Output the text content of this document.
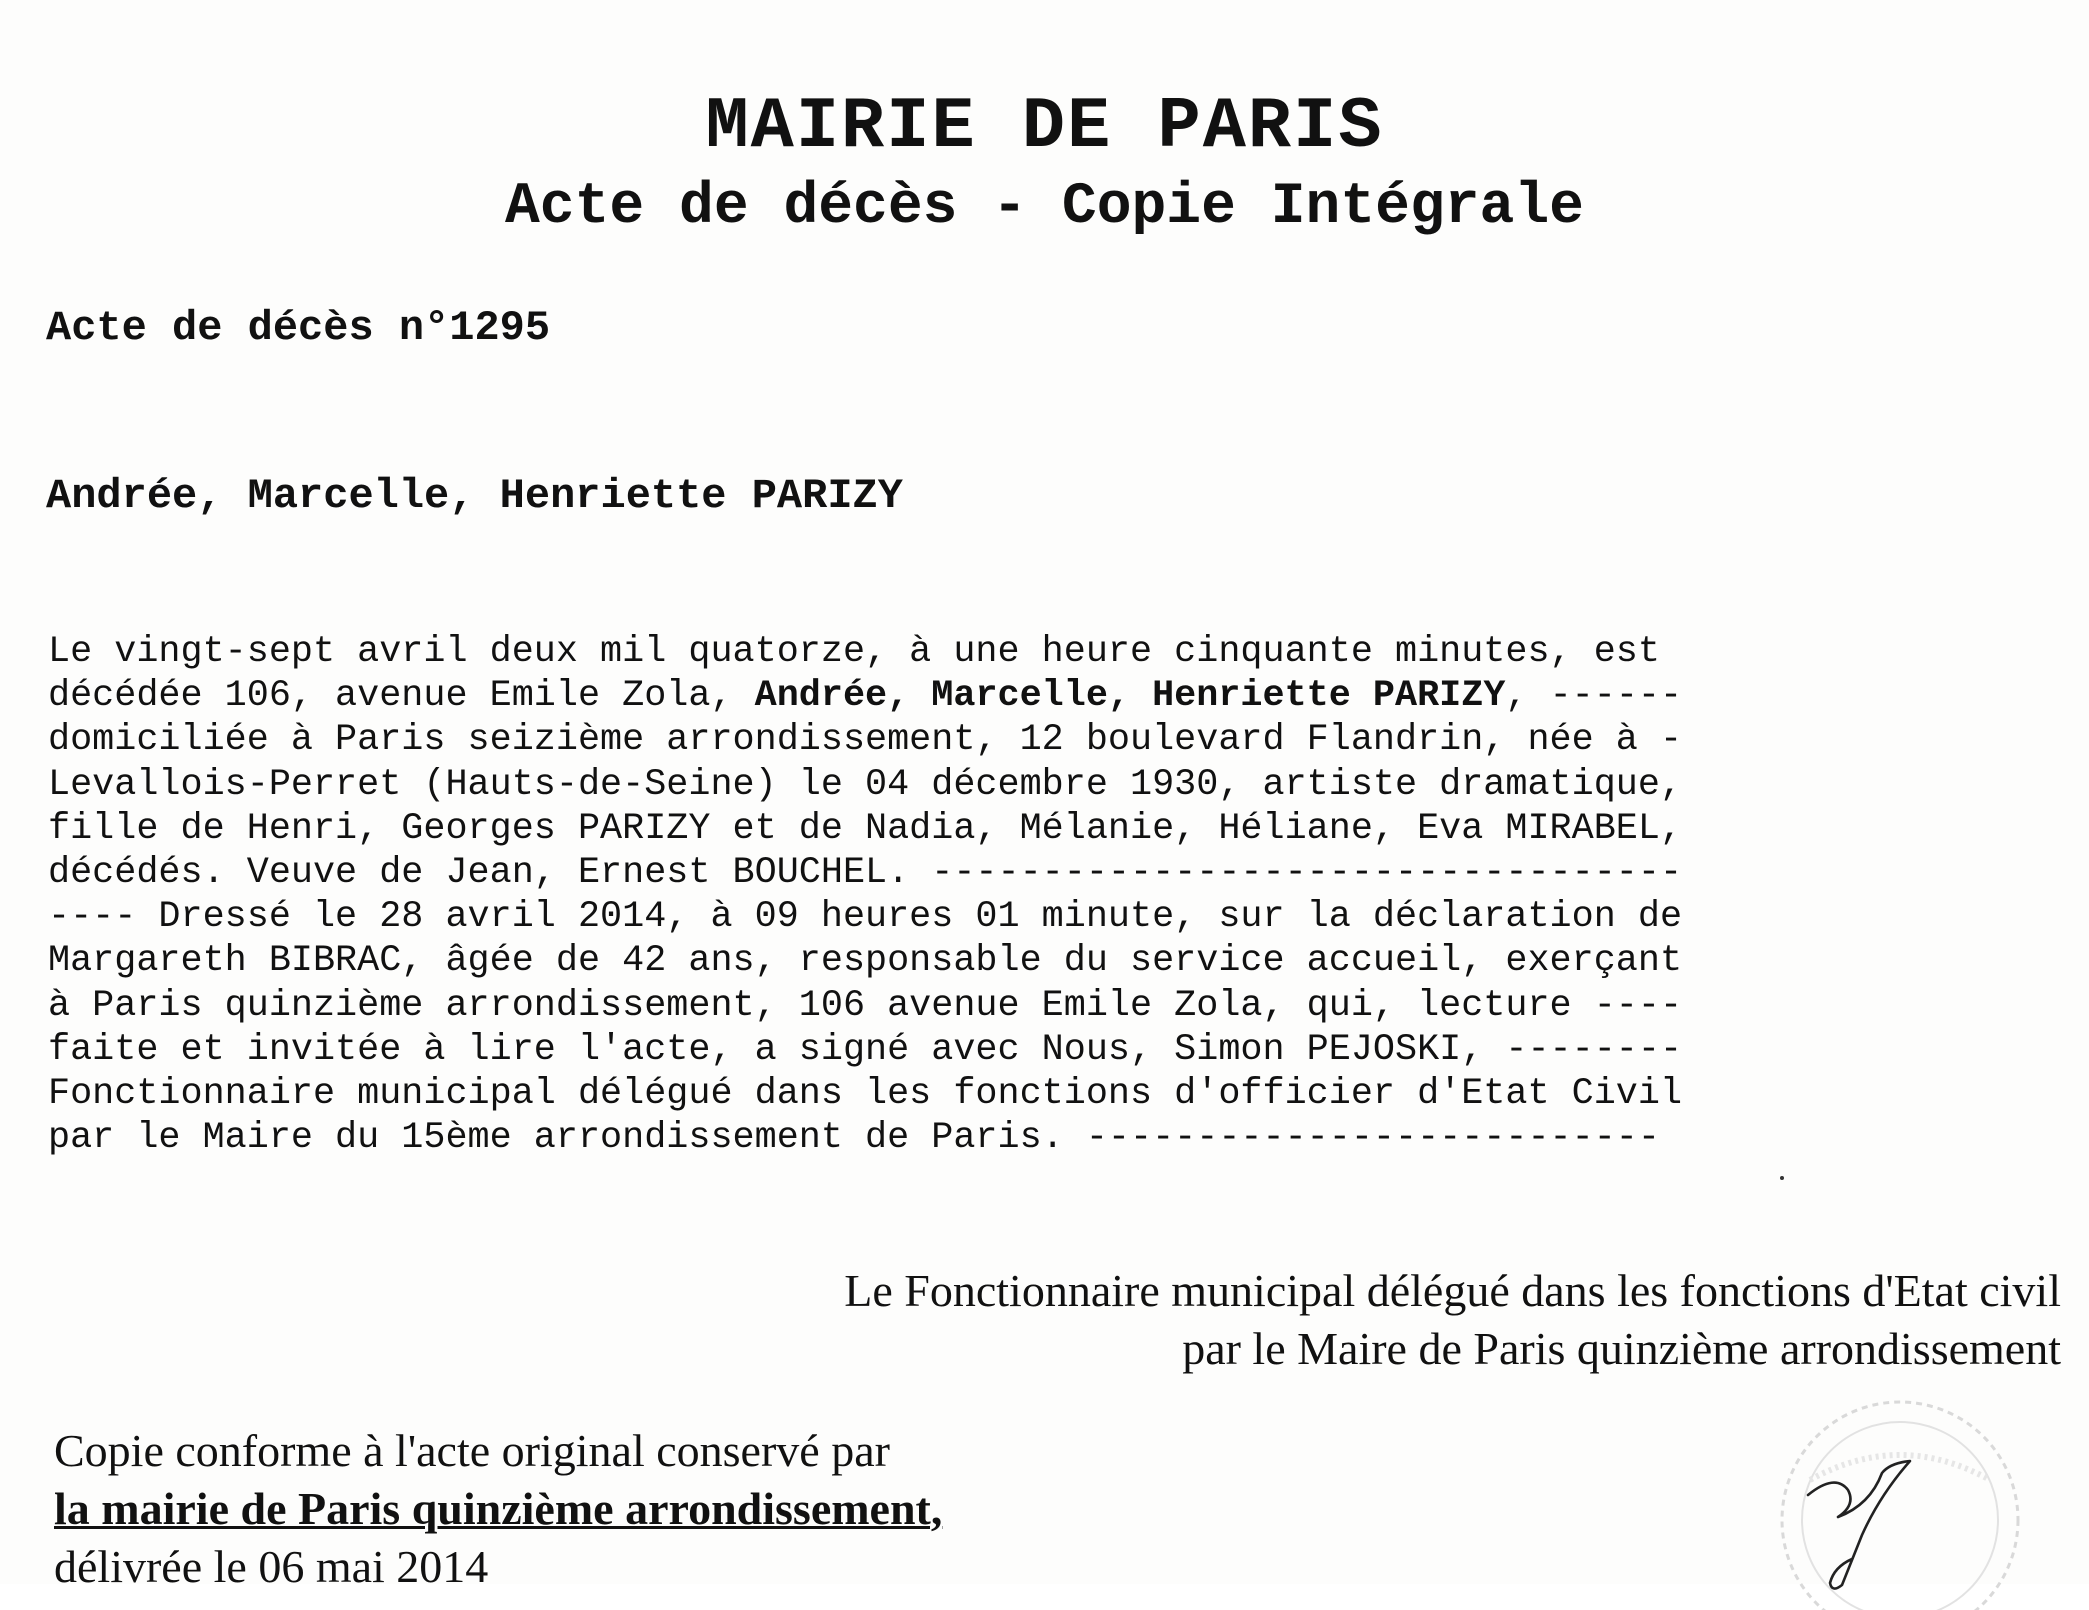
MAIRIE DE PARIS
Acte de décès - Copie Intégrale
Acte de décès n°1295
Andrée, Marcelle, Henriette PARIZY
Le vingt-sept avril deux mil quatorze, à une heure cinquante minutes, est
décédée 106, avenue Emile Zola, Andrée, Marcelle, Henriette PARIZY, ------
domiciliée à Paris seizième arrondissement, 12 boulevard Flandrin, née à -
Levallois-Perret (Hauts-de-Seine) le 04 décembre 1930, artiste dramatique,
fille de Henri, Georges PARIZY et de Nadia, Mélanie, Héliane, Eva MIRABEL,
décédés. Veuve de Jean, Ernest BOUCHEL. ----------------------------------
---- Dressé le 28 avril 2014, à 09 heures 01 minute, sur la déclaration de
Margareth BIBRAC, âgée de 42 ans, responsable du service accueil, exerçant
à Paris quinzième arrondissement, 106 avenue Emile Zola, qui, lecture ----
faite et invitée à lire l'acte, a signé avec Nous, Simon PEJOSKI, --------
Fonctionnaire municipal délégué dans les fonctions d'officier d'Etat Civil
par le Maire du 15ème arrondissement de Paris. --------------------------
Le Fonctionnaire municipal délégué dans les fonctions d'Etat civil
par le Maire de Paris quinzième arrondissement
Copie conforme à l'acte original conservé par
la mairie de Paris quinzième arrondissement,
délivrée le 06 mai 2014
